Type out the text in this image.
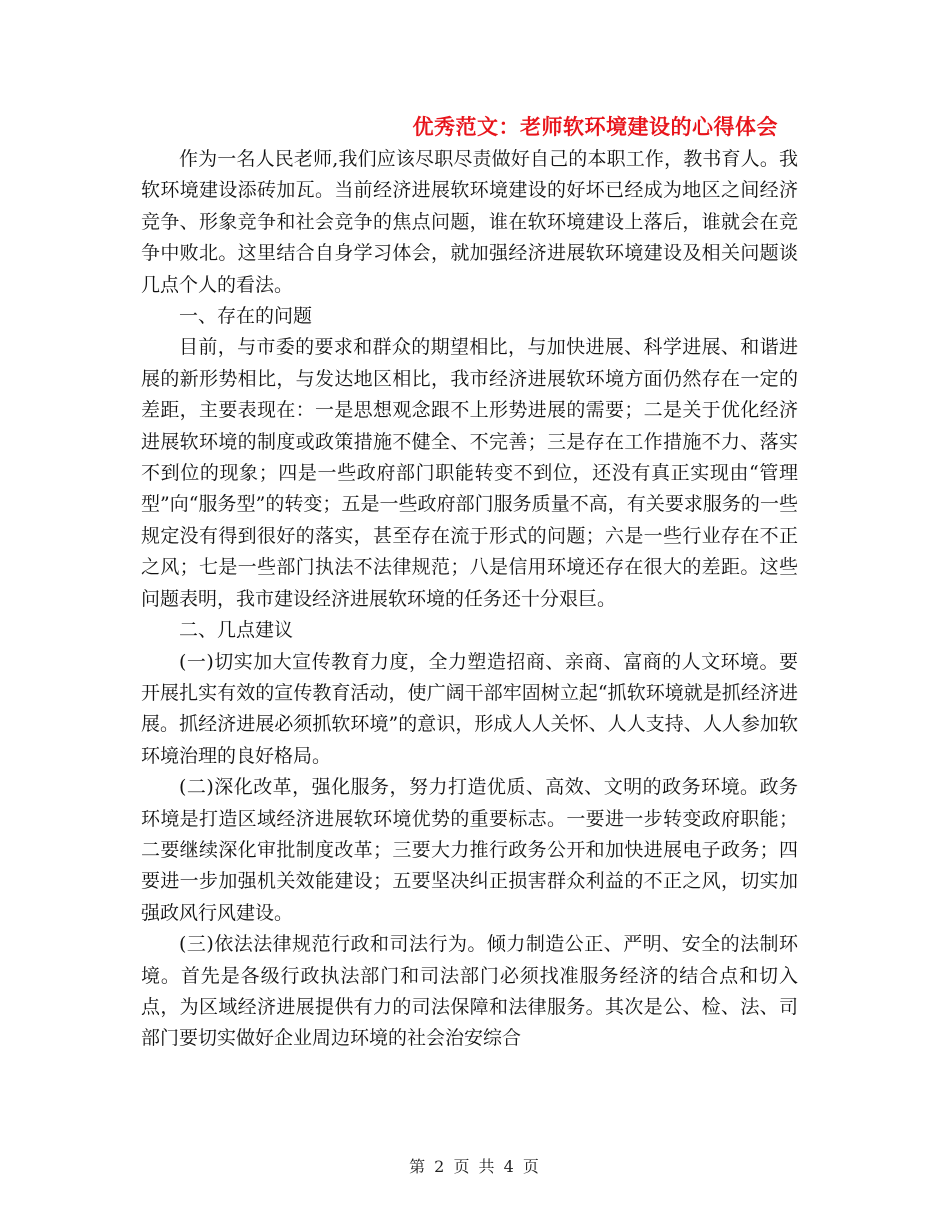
优秀范文：老师软环境建设的心得体会

作为一名人民老师,我们应该尽职尽责做好自己的本职工作，教书育人。我软环境建设添砖加瓦。当前经济进展软环境建设的好坏已经成为地区之间经济竞争、形象竞争和社会竞争的焦点问题，谁在软环境建设上落后，谁就会在竞争中败北。这里结合自身学习体会，就加强经济进展软环境建设及相关问题谈几点个人的看法。

一、存在的问题

目前，与市委的要求和群众的期望相比，与加快进展、科学进展、和谐进展的新形势相比，与发达地区相比，我市经济进展软环境方面仍然存在一定的差距，主要表现在：一是思想观念跟不上形势进展的需要；二是关于优化经济进展软环境的制度或政策措施不健全、不完善；三是存在工作措施不力、落实不到位的现象；四是一些政府部门职能转变不到位，还没有真正实现由“管理型”向“服务型”的转变；五是一些政府部门服务质量不高，有关要求服务的一些规定没有得到很好的落实，甚至存在流于形式的问题；六是一些行业存在不正之风；七是一些部门执法不法律规范；八是信用环境还存在很大的差距。这些问题表明，我市建设经济进展软环境的任务还十分艰巨。

二、几点建议

(一)切实加大宣传教育力度，全力塑造招商、亲商、富商的人文环境。要开展扎实有效的宣传教育活动，使广阔干部牢固树立起“抓软环境就是抓经济进展。抓经济进展必须抓软环境”的意识，形成人人关怀、人人支持、人人参加软环境治理的良好格局。

(二)深化改革，强化服务，努力打造优质、高效、文明的政务环境。政务环境是打造区域经济进展软环境优势的重要标志。一要进一步转变政府职能；二要继续深化审批制度改革；三要大力推行政务公开和加快进展电子政务；四要进一步加强机关效能建设；五要坚决纠正损害群众利益的不正之风，切实加强政风行风建设。

(三)依法法律规范行政和司法行为。倾力制造公正、严明、安全的法制环境。首先是各级行政执法部门和司法部门必须找准服务经济的结合点和切入点，为区域经济进展提供有力的司法保障和法律服务。其次是公、检、法、司部门要切实做好企业周边环境的社会治安综合

第 2 页 共 4 页
